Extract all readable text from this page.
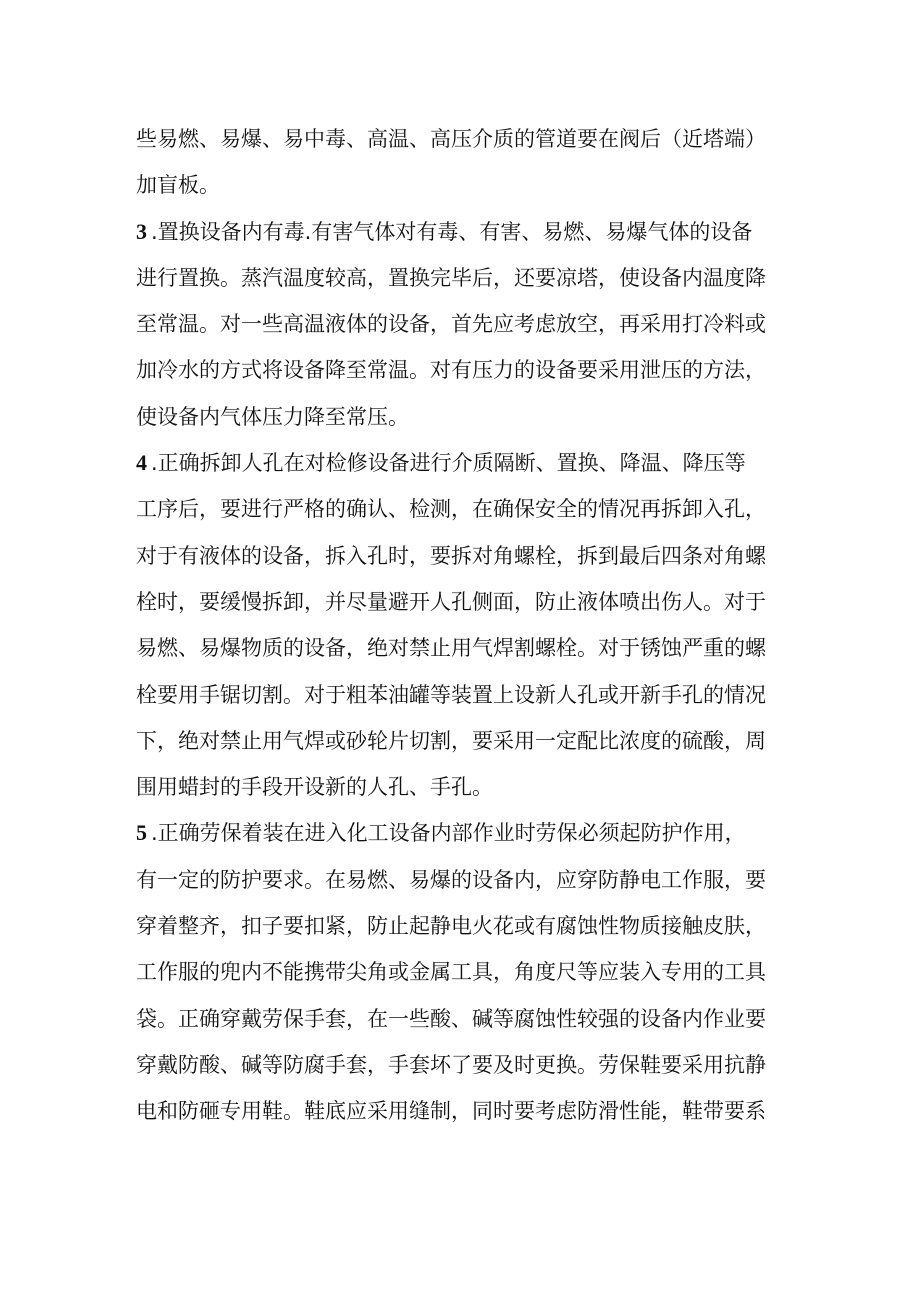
些易燃、易爆、易中毒、高温、高压介质的管道要在阀后（近塔端）
加盲板。
3 .置换设备内有毒.有害气体对有毒、有害、易燃、易爆气体的设备
进行置换。蒸汽温度较高，置换完毕后，还要凉塔，使设备内温度降
至常温。对一些高温液体的设备，首先应考虑放空，再采用打冷料或
加冷水的方式将设备降至常温。对有压力的设备要采用泄压的方法，
使设备内气体压力降至常压。
4 .正确拆卸人孔在对检修设备进行介质隔断、置换、降温、降压等
工序后，要进行严格的确认、检测，在确保安全的情况再拆卸入孔，
对于有液体的设备，拆入孔时，要拆对角螺栓，拆到最后四条对角螺
栓时，要缓慢拆卸，并尽量避开人孔侧面，防止液体喷出伤人。对于
易燃、易爆物质的设备，绝对禁止用气焊割螺栓。对于锈蚀严重的螺
栓要用手锯切割。对于粗苯油罐等装置上设新人孔或开新手孔的情况
下，绝对禁止用气焊或砂轮片切割，要采用一定配比浓度的硫酸，周
围用蜡封的手段开设新的人孔、手孔。
5 .正确劳保着装在进入化工设备内部作业时劳保必须起防护作用，
有一定的防护要求。在易燃、易爆的设备内，应穿防静电工作服，要
穿着整齐，扣子要扣紧，防止起静电火花或有腐蚀性物质接触皮肤，
工作服的兜内不能携带尖角或金属工具，角度尺等应装入专用的工具
袋。正确穿戴劳保手套，在一些酸、碱等腐蚀性较强的设备内作业要
穿戴防酸、碱等防腐手套，手套坏了要及时更换。劳保鞋要采用抗静
电和防砸专用鞋。鞋底应采用缝制，同时要考虑防滑性能，鞋带要系
